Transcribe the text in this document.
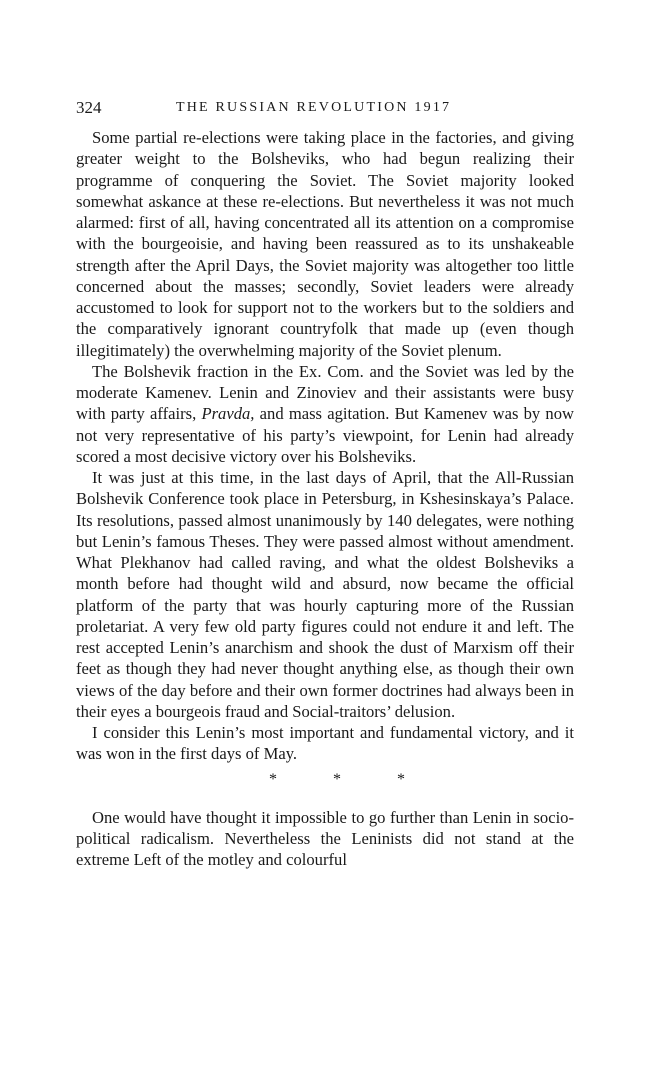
324	THE RUSSIAN REVOLUTION 1917

Some partial re-elections were taking place in the factories, and giving greater weight to the Bolsheviks, who had begun realizing their programme of conquering the Soviet. The Soviet majority looked somewhat askance at these re-elections. But nevertheless it was not much alarmed: first of all, having concentrated all its attention on a compromise with the bourgeoisie, and having been reassured as to its unshakeable strength after the April Days, the Soviet majority was altogether too little concerned about the masses; secondly, Soviet leaders were already accustomed to look for support not to the workers but to the soldiers and the comparatively ignorant countryfolk that made up (even though illegitimately) the overwhelming majority of the Soviet plenum.

The Bolshevik fraction in the Ex. Com. and the Soviet was led by the moderate Kamenev. Lenin and Zinoviev and their assistants were busy with party affairs, Pravda, and mass agitation. But Kamenev was by now not very representative of his party’s viewpoint, for Lenin had already scored a most decisive victory over his Bolsheviks.

It was just at this time, in the last days of April, that the All-Russian Bolshevik Conference took place in Petersburg, in Kshesinskaya’s Palace. Its resolutions, passed almost unanimously by 140 delegates, were nothing but Lenin’s famous Theses. They were passed almost without amendment. What Plekhanov had called raving, and what the oldest Bolsheviks a month before had thought wild and absurd, now became the official platform of the party that was hourly capturing more of the Russian proletariat. A very few old party figures could not endure it and left. The rest accepted Lenin’s anarchism and shook the dust of Marxism off their feet as though they had never thought anything else, as though their own views of the day before and their own former doctrines had always been in their eyes a bourgeois fraud and Social-traitors’ delusion.

I consider this Lenin’s most important and fundamental victory, and it was won in the first days of May.

*	*	*

One would have thought it impossible to go further than Lenin in socio-political radicalism. Nevertheless the Leninists did not stand at the extreme Left of the motley and colourful
